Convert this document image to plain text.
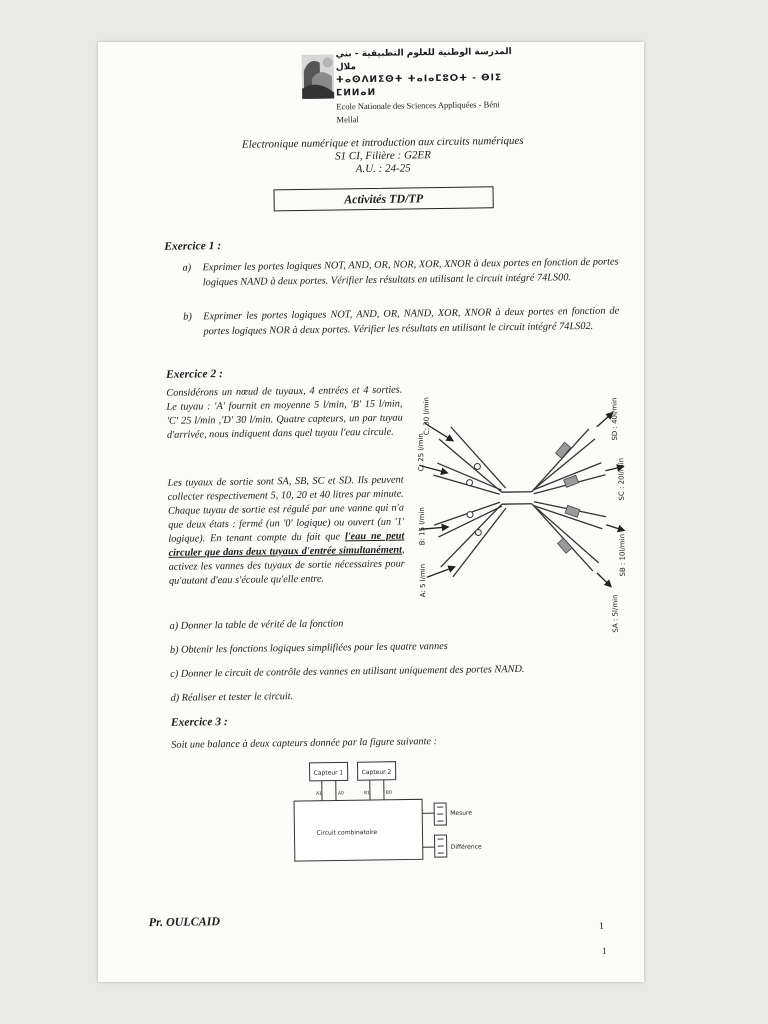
المدرسة الوطنية للعلوم التطبيقية - بني ملال
ⵜⴰⵙⴷⵍⵉⵙⵜ ⵜⴰⵏⴰⵎⵓⵔⵜ - ⴱⵏⵉ ⵎⵍⵍⴰⵍ
Ecole Nationale des Sciences Appliquées - Béni Mellal
Electronique numérique et introduction aux circuits numériques
S1 CI, Filière : G2ER
A.U. : 24-25
Activités TD/TP
Exercice 1 :
a) Exprimer les portes logiques NOT, AND, OR, NOR, XOR, XNOR à deux portes en fonction de portes logiques NAND à deux portes. Vérifier les résultats en utilisant le circuit intégré 74LS00.
b) Exprimer les portes logiques NOT, AND, OR, NAND, XOR, XNOR à deux portes en fonction de portes logiques NOR à deux portes. Vérifier les résultats en utilisant le circuit intégré 74LS02.
Exercice 2 :
Considérons un nœud de tuyaux, 4 entrées et 4 sorties. Le tuyau : 'A' fournit en moyenne 5 l/min, 'B' 15 l/min, 'C' 25 l/min ,'D' 30 l/min. Quatre capteurs, un par tuyau d'arrivée, nous indiquent dans quel tuyau l'eau circule.
Les tuyaux de sortie sont SA, SB, SC et SD. Ils peuvent collecter respectivement 5, 10, 20 et 40 litres par minute. Chaque tuyau de sortie est régulé par une vanne qui n'a que deux états : fermé (un '0' logique) ou ouvert (un '1' logique). En tenant compte du fait que l'eau ne peut circuler que dans deux tuyaux d'entrée simultanément, activez les vannes des tuyaux de sortie nécessaires pour qu'autant d'eau s'écoule qu'elle entre.	A: 5 l/min
B: 15 l/min
C: 25 l/min
C: 30 l/min
SA : 5l/min
SB : 10l/min
SC : 20l/min
SD : 40l/min
a) Donner la table de vérité de la fonction
b) Obtenir les fonctions logiques simplifiées pour les quatre vannes
c) Donner le circuit de contrôle des vannes en utilisant uniquement des portes NAND.
d) Réaliser et tester le circuit.
Exercice 3 :
Soit une balance à deux capteurs donnée par la figure suivante :
Capteur 1	Capteur 2
A1	A0	B1	B0
Circuit combinatoire
Mesure
Différence
Pr. OULCAID	1
1
